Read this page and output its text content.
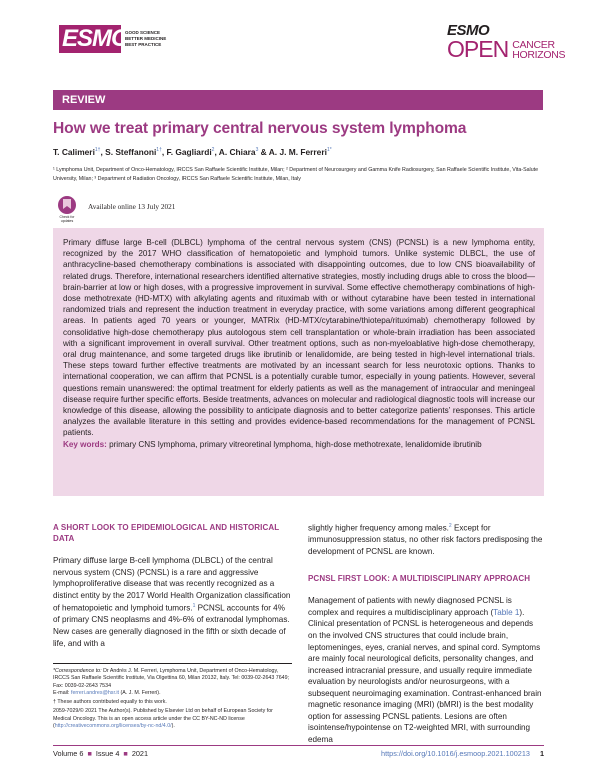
ESMO
GOOD SCIENCE
BETTER MEDICINE
BEST PRACTICE
ESMO
OPEN CANCER
HORIZONS
REVIEW
How we treat primary central nervous system lymphoma
T. Calimeri$^{1\dagger}$, S. Steffanoni$^{1\dagger}$, F. Gagliardi$^2$, A. Chiara$^3$ & A. J. M. Ferreri$^{1*}$
¹ Lymphoma Unit, Department of Onco-Hematology, IRCCS San Raffaele Scientific Institute, Milan; ² Department of Neurosurgery and Gamma Knife Radiosurgery, San Raffaele Scientific Institute, Vita-Salute University, Milan; ³ Department of Radiation Oncology, IRCCS San Raffaele Scientific Institute, Milan, Italy
Check for updates
Available online 13 July 2021

Primary diffuse large B-cell (DLBCL) lymphoma of the central nervous system (CNS) (PCNSL) is a new lymphoma entity, recognized by the 2017 WHO classification of hematopoietic and lymphoid tumors. Unlike systemic DLBCL, the use of anthracycline-based chemotherapy combinations is associated with disappointing outcomes, due to low CNS bioavailability of related drugs. Therefore, international researchers identified alternative strategies, mostly including drugs able to cross the blood—brain-barrier at low or high doses, with a progressive improvement in survival. Some effective chemotherapy combinations of high-dose methotrexate (HD-MTX) with alkylating agents and rituximab with or without cytarabine have been tested in international randomized trials and represent the induction treatment in everyday practice, with some variations among different geographical areas. In patients aged 70 years or younger, MATRix (HD-MTX/cytarabine/thiotepa/rituximab) chemotherapy followed by consolidative high-dose chemotherapy plus autologous stem cell transplantation or whole-brain irradiation has been associated with a significant improvement in overall survival. Other treatment options, such as non-myeloablative high-dose chemotherapy, oral drug maintenance, and some targeted drugs like ibrutinib or lenalidomide, are being tested in high-level international trials. These steps toward further effective treatments are motivated by an incessant search for less neurotoxic options. Thanks to international cooperation, we can affirm that PCNSL is a potentially curable tumor, especially in young patients. However, several questions remain unanswered: the optimal treatment for elderly patients as well as the management of intraocular and meningeal disease require further specific efforts. Beside treatments, advances on molecular and radiological diagnostic tools will increase our knowledge of this disease, allowing the possibility to anticipate diagnosis and to better categorize patients’ responses. This article analyzes the available literature in this setting and provides evidence-based recommendations for the management of PCNSL patients.

Key words: primary CNS lymphoma, primary vitreoretinal lymphoma, high-dose methotrexate, lenalidomide ibrutinib

A SHORT LOOK TO EPIDEMIOLOGICAL AND HISTORICAL DATA

Primary diffuse large B-cell lymphoma (DLBCL) of the central nervous system (CNS) (PCNSL) is a rare and aggressive lymphoproliferative disease that was recently recognized as a distinct entity by the 2017 World Health Organization classification of hematopoietic and lymphoid tumors.$^1$ PCNSL accounts for 4% of primary CNS neoplasms and 4%-6% of extranodal lymphomas. New cases are generally diagnosed in the fifth or sixth decade of life, and with a

*Correspondence to: Dr Andrés J. M. Ferreri, Lymphoma Unit, Department of Onco-Hematology, IRCCS San Raffaele Scientific Institute, Via Olgettina 60, Milan 20132, Italy. Tel: 0039-02-2643 7649; Fax: 0039-02-2643 7534
E-mail: ferreri.andres@hsr.it (A. J. M. Ferreri).

† These authors contributed equally to this work.

2059-7029/© 2021 The Author(s). Published by Elsevier Ltd on behalf of European Society for Medical Oncology. This is an open access article under the CC BY-NC-ND license (http://creativecommons.org/licenses/by-nc-nd/4.0/).

slightly higher frequency among males.$^2$ Except for immunosuppression status, no other risk factors predisposing the development of PCNSL are known.

PCNSL FIRST LOOK: A MULTIDISCIPLINARY APPROACH

Management of patients with newly diagnosed PCNSL is complex and requires a multidisciplinary approach (Table 1). Clinical presentation of PCNSL is heterogeneous and depends on the involved CNS structures that could include brain, leptomeninges, eyes, cranial nerves, and spinal cord. Symptoms are mainly focal neurological deficits, personality changes, and increased intracranial pressure, and usually require immediate evaluation by neurologists and/or neurosurgeons, with a subsequent neuroimaging examination. Contrast-enhanced brain magnetic resonance imaging (MRI) (bMRI) is the best modality option for assessing PCNSL patients. Lesions are often isointense/hypointense on T2-weighted MRI, with surrounding edema

Volume 6 ■ Issue 4 ■ 2021	https://doi.org/10.1016/j.esmoop.2021.100213 1
